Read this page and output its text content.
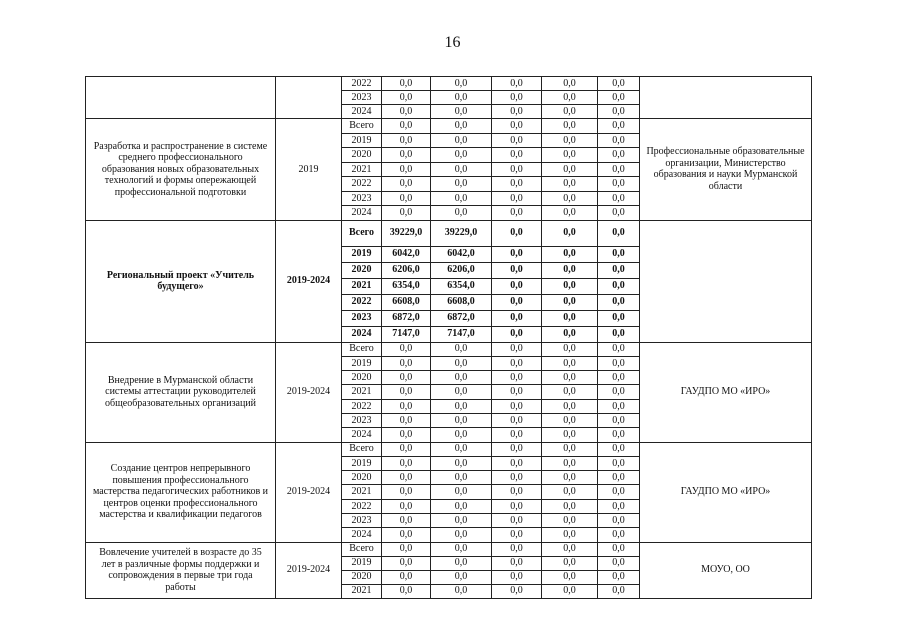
16
		2022	0,0	0,0	0,0	0,0	0,0	
		2023	0,0	0,0	0,0	0,0	0,0	
		2024	0,0	0,0	0,0	0,0	0,0	
Разработка и распространение в системе среднего профессионального образования новых образовательных технологий и формы опережающей профессиональной подготовки	2019	Всего	0,0	0,0	0,0	0,0	0,0	Профессиональные образовательные организации, Министерство образования и науки Мурманской области
		2019	0,0	0,0	0,0	0,0	0,0	
		2020	0,0	0,0	0,0	0,0	0,0	
		2021	0,0	0,0	0,0	0,0	0,0	
		2022	0,0	0,0	0,0	0,0	0,0	
		2023	0,0	0,0	0,0	0,0	0,0	
		2024	0,0	0,0	0,0	0,0	0,0	
Региональный проект «Учитель будущего»	2019-2024	Всего	39229,0	39229,0	0,0	0,0	0,0	
		2019	6042,0	6042,0	0,0	0,0	0,0	
		2020	6206,0	6206,0	0,0	0,0	0,0	
		2021	6354,0	6354,0	0,0	0,0	0,0	
		2022	6608,0	6608,0	0,0	0,0	0,0	
		2023	6872,0	6872,0	0,0	0,0	0,0	
		2024	7147,0	7147,0	0,0	0,0	0,0	
Внедрение в Мурманской области системы аттестации руководителей общеобразовательных организаций	2019-2024	Всего	0,0	0,0	0,0	0,0	0,0	ГАУДПО МО «ИРО»
		2019	0,0	0,0	0,0	0,0	0,0	
		2020	0,0	0,0	0,0	0,0	0,0	
		2021	0,0	0,0	0,0	0,0	0,0	
		2022	0,0	0,0	0,0	0,0	0,0	
		2023	0,0	0,0	0,0	0,0	0,0	
		2024	0,0	0,0	0,0	0,0	0,0	
Создание центров непрерывного повышения профессионального мастерства педагогических работников и центров оценки профессионального мастерства и квалификации педагогов	2019-2024	Всего	0,0	0,0	0,0	0,0	0,0	ГАУДПО МО «ИРО»
		2019	0,0	0,0	0,0	0,0	0,0	
		2020	0,0	0,0	0,0	0,0	0,0	
		2021	0,0	0,0	0,0	0,0	0,0	
		2022	0,0	0,0	0,0	0,0	0,0	
		2023	0,0	0,0	0,0	0,0	0,0	
		2024	0,0	0,0	0,0	0,0	0,0	
Вовлечение учителей в возрасте до 35 лет в различные формы поддержки и сопровождения в первые три года работы	2019-2024	Всего	0,0	0,0	0,0	0,0	0,0	МОУО, ОО
		2019	0,0	0,0	0,0	0,0	0,0	
		2020	0,0	0,0	0,0	0,0	0,0	
		2021	0,0	0,0	0,0	0,0	0,0	
